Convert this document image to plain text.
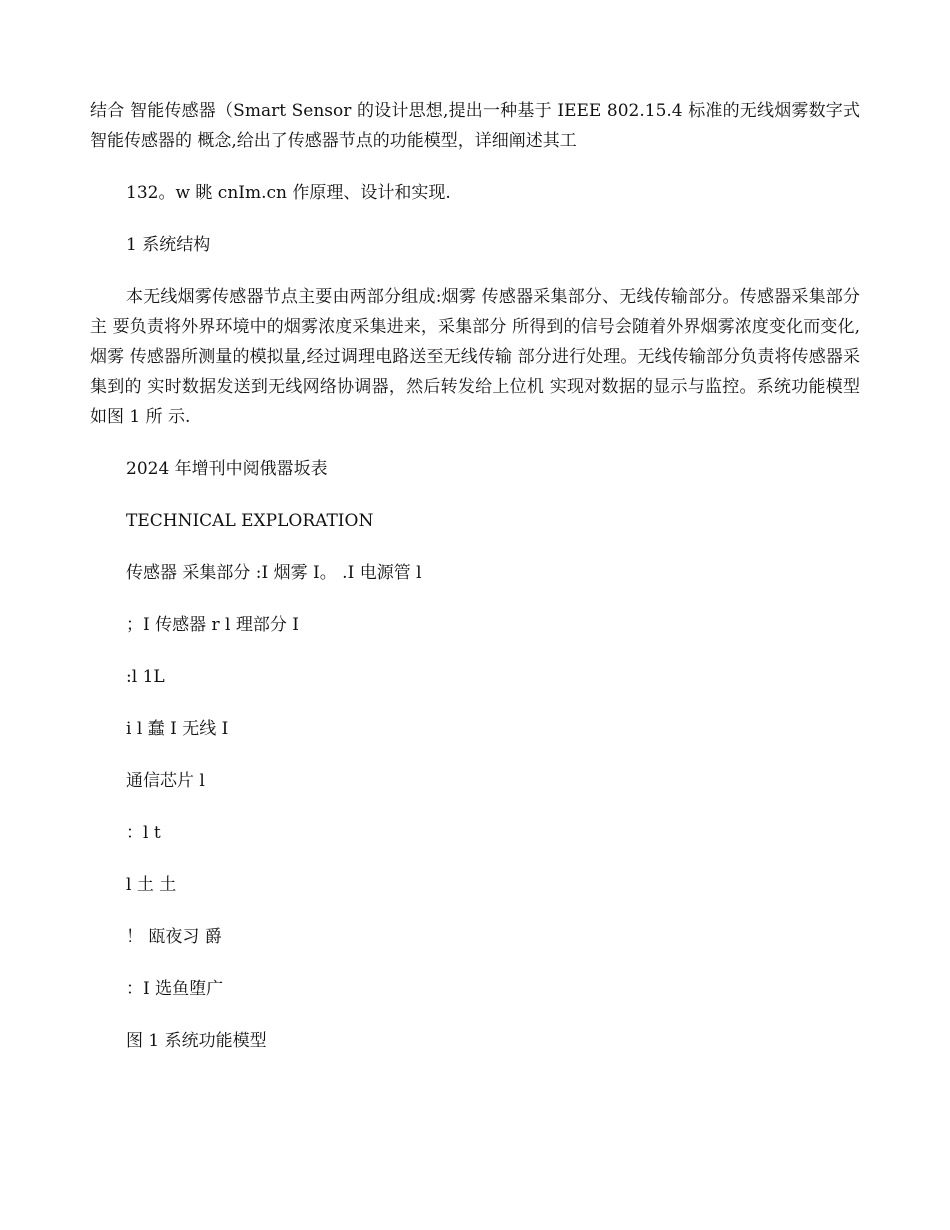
结合 智能传感器（Smart Sensor 的设计思想,提出一种基于 IEEE 802.15.4 标准的无线烟雾数字式智能传感器的 概念,给出了传感器节点的功能模型，详细阐述其工

132。w 眺 cnIm.cn 作原理、设计和实现.

1 系统结构

本无线烟雾传感器节点主要由两部分组成:烟雾 传感器采集部分、无线传输部分。传感器采集部分主 要负责将外界环境中的烟雾浓度采集进来，采集部分 所得到的信号会随着外界烟雾浓度变化而变化,烟雾 传感器所测量的模拟量,经过调理电路送至无线传输 部分进行处理。无线传输部分负责将传感器采集到的 实时数据发送到无线网络协调器，然后转发给上位机 实现对数据的显示与监控。系统功能模型如图 1 所 示.

2024 年增刊中阅俄嚣坂表

TECHNICAL EXPLORATION

传感器 采集部分 :I 烟雾 I。 .I 电源管 l

；I 传感器 r l 理部分 I

:l 1L

i l 蠢 I 无线 I

通信芯片 l

：l t

l 土 土

！ 瓯夜习 爵

：I 选鱼堕广

图 1 系统功能模型
